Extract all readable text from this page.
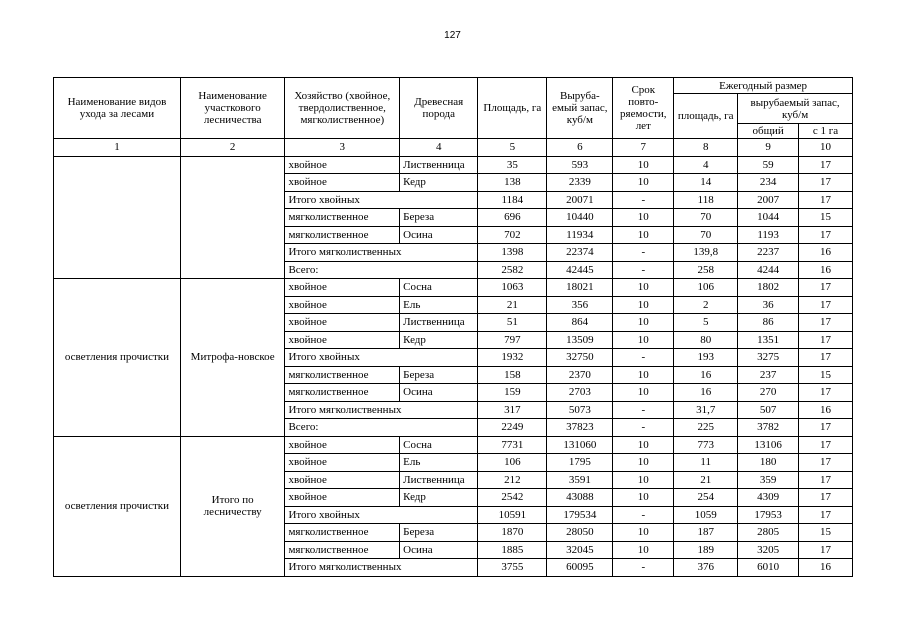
127
Наименование видов ухода за лесами	Наименование участкового лесничества	Хозяйство (хвойное, твердолиственное, мягколиственное)	Древесная порода	Площадь, га	Выруба-емый запас, куб/м	Срок повто-ряемости, лет	Ежегодный размер		
							площадь, га	вырубаемый запас, куб/м	
								общий	с 1 га
1	2	3	4	5	6	7	8	9	10
		хвойное	Лиственница	35	593	10	4	59	17
		хвойное	Кедр	138	2339	10	14	234	17
		Итого хвойных		1184	20071	-	118	2007	17
		мягколиственное	Береза	696	10440	10	70	1044	15
		мягколиственное	Осина	702	11934	10	70	1193	17
		Итого мягколиственных		1398	22374	-	139,8	2237	16
		Всего:		2582	42445	-	258	4244	16
осветления прочистки	Митрофа-новское	хвойное	Сосна	1063	18021	10	106	1802	17
		хвойное	Ель	21	356	10	2	36	17
		хвойное	Лиственница	51	864	10	5	86	17
		хвойное	Кедр	797	13509	10	80	1351	17
		Итого хвойных		1932	32750	-	193	3275	17
		мягколиственное	Береза	158	2370	10	16	237	15
		мягколиственное	Осина	159	2703	10	16	270	17
		Итого мягколиственных		317	5073	-	31,7	507	16
		Всего:		2249	37823	-	225	3782	17
осветления прочистки	Итого по лесничеству	хвойное	Сосна	7731	131060	10	773	13106	17
		хвойное	Ель	106	1795	10	11	180	17
		хвойное	Лиственница	212	3591	10	21	359	17
		хвойное	Кедр	2542	43088	10	254	4309	17
		Итого хвойных		10591	179534	-	1059	17953	17
		мягколиственное	Береза	1870	28050	10	187	2805	15
		мягколиственное	Осина	1885	32045	10	189	3205	17
		Итого мягколиственных		3755	60095	-	376	6010	16
